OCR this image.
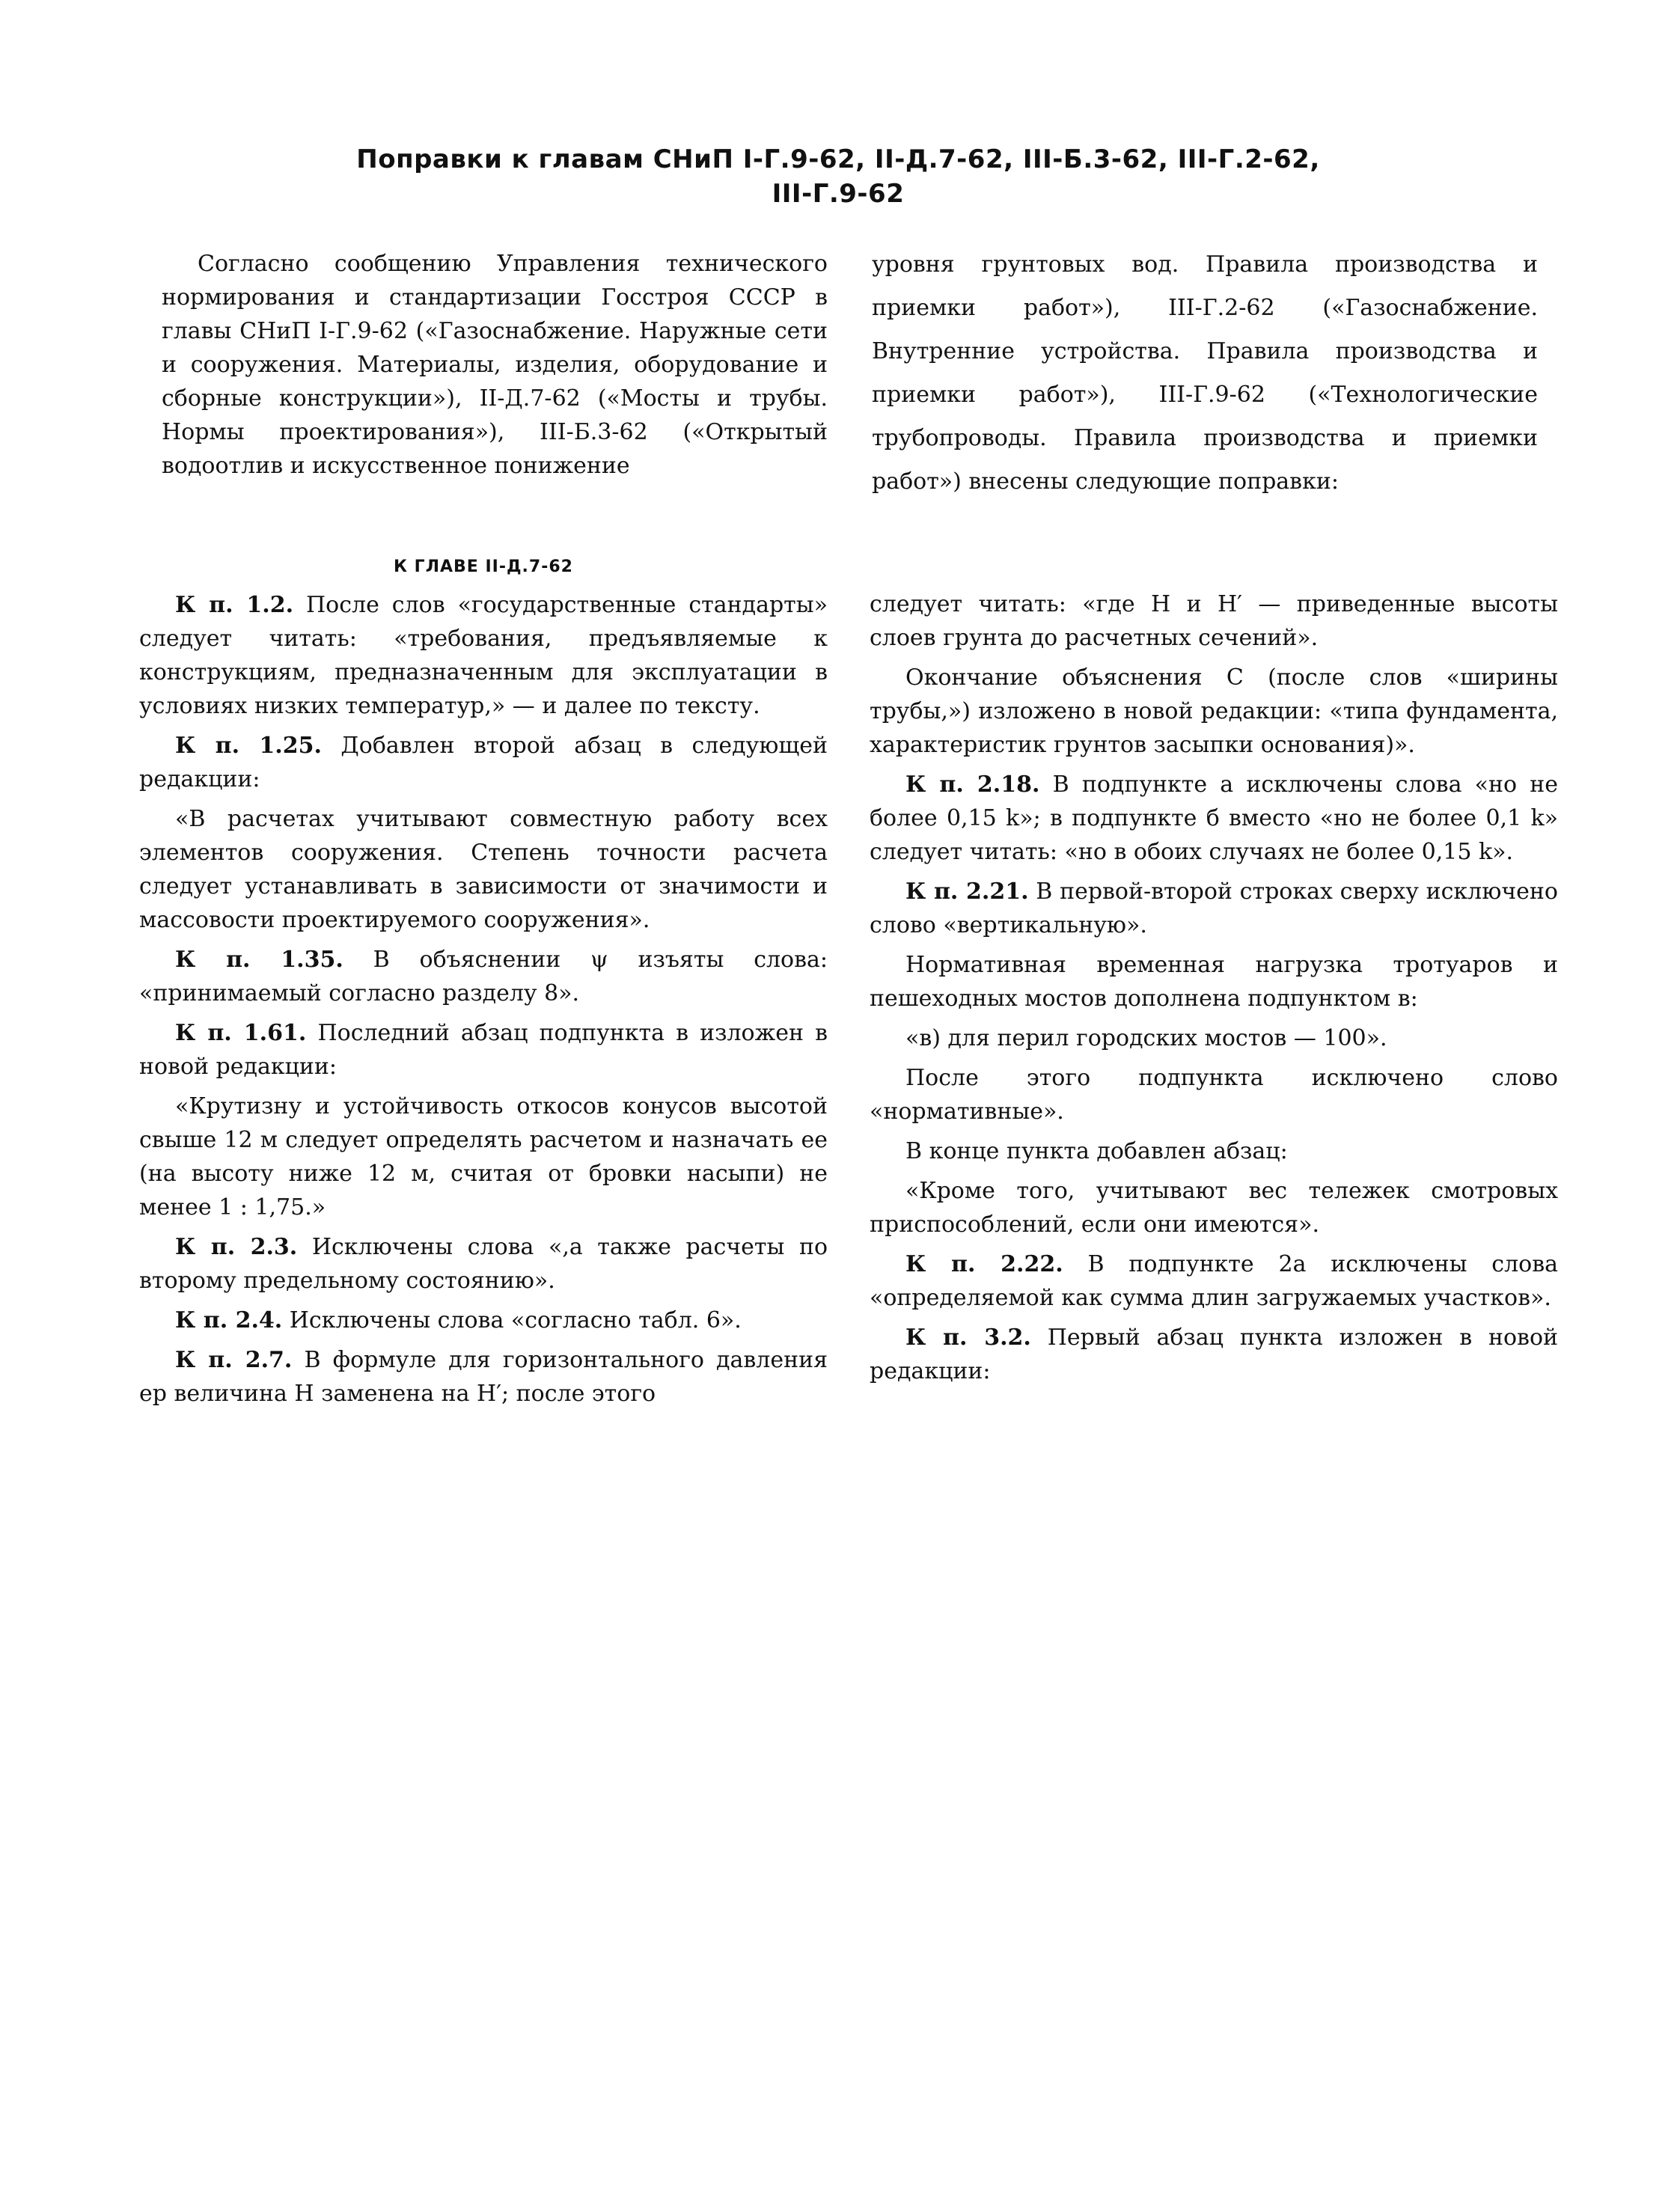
Поправки к главам СНиП I-Г.9-62, II-Д.7-62, III-Б.3-62, III-Г.2-62,
III-Г.9-62

Согласно сообщению Управления технического нормирования и стандартизации Госстроя СССР в главы СНиП I-Г.9-62 («Газоснабжение. Наружные сети и сооружения. Материалы, изделия, оборудование и сборные конструкции»), II-Д.7-62 («Мосты и трубы. Нормы проектирования»), III-Б.3-62 («Открытый водоотлив и искусственное понижение

уровня грунтовых вод. Правила производства и приемки работ»), III-Г.2-62 («Газоснабжение. Внутренние устройства. Правила производства и приемки работ»), III-Г.9-62 («Технологические трубопроводы. Правила производства и приемки работ») внесены следующие поправки:

К ГЛАВЕ II-Д.7-62

К п. 1.2. После слов «государственные стандарты» следует читать: «требования, предъявляемые к конструкциям, предназначенным для эксплуатации в условиях низких температур,» — и далее по тексту.

К п. 1.25. Добавлен второй абзац в следующей редакции:

«В расчетах учитывают совместную работу всех элементов сооружения. Степень точности расчета следует устанавливать в зависимости от значимости и массовости проектируемого сооружения».

К п. 1.35. В объяснении ψ изъяты слова: «принимаемый согласно разделу 8».

К п. 1.61. Последний абзац подпункта в изложен в новой редакции:

«Крутизну и устойчивость откосов конусов высотой свыше 12 м следует определять расчетом и назначать ее (на высоту ниже 12 м, считая от бровки насыпи) не менее 1 : 1,75.»

К п. 2.3. Исключены слова «,а также расчеты по второму предельному состоянию».

К п. 2.4. Исключены слова «согласно табл. 6».

К п. 2.7. В формуле для горизонтального давления eр величина H заменена на H′; после этого

следует читать: «где H и H′ — приведенные высоты слоев грунта до расчетных сечений».

Окончание объяснения C (после слов «ширины трубы,») изложено в новой редакции: «типа фундамента, характеристик грунтов засыпки основания)».

К п. 2.18. В подпункте а исключены слова «но не более 0,15 k»; в подпункте б вместо «но не более 0,1 k» следует читать: «но в обоих случаях не более 0,15 k».

К п. 2.21. В первой-второй строках сверху исключено слово «вертикальную».

Нормативная временная нагрузка тротуаров и пешеходных мостов дополнена подпунктом в:

«в) для перил городских мостов — 100».

После этого подпункта исключено слово «нормативные».

В конце пункта добавлен абзац:

«Кроме того, учитывают вес тележек смотровых приспособлений, если они имеются».

К п. 2.22. В подпункте 2а исключены слова «определяемой как сумма длин загружаемых участков».

К п. 3.2. Первый абзац пункта изложен в новой редакции:
